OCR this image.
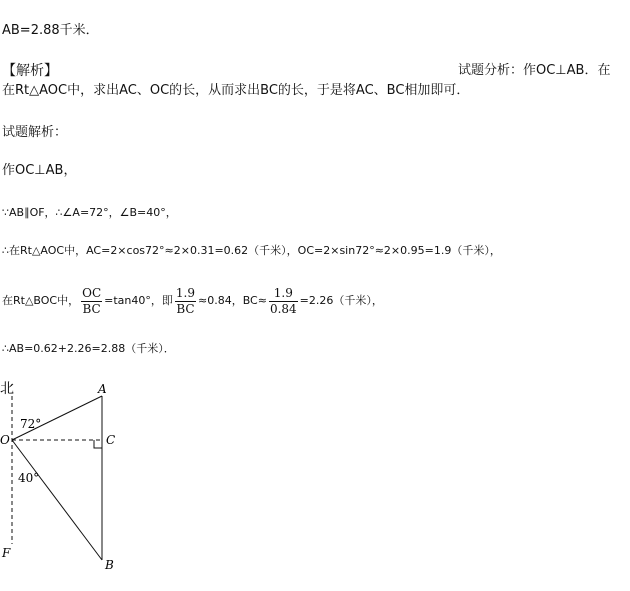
AB=2.88千米．
【解析】	试题分析：作OC⊥AB．在
在Rt△AOC中，求出AC、OC的长，从而求出BC的长，于是将AC、BC相加即可．
试题解析：
作OC⊥AB，
∵AB∥OF，∴∠A=72°，∠B=40°，
∴在Rt△AOC中，AC=2×cos72°≈2×0.31=0.62（千米），OC=2×sin72°≈2×0.95=1.9（千米），
在Rt△BOC中， $\frac{OC}{BC} =\tan 40^\circ$，即 $\frac{1.9}{BC} \approx 0.84$，$BC\approx \frac{1.9}{0.84} =2.26$（千米），
∴AB=0.62+2.26=2.88（千米）．
北	A
O	C
F
B
72°
40°
